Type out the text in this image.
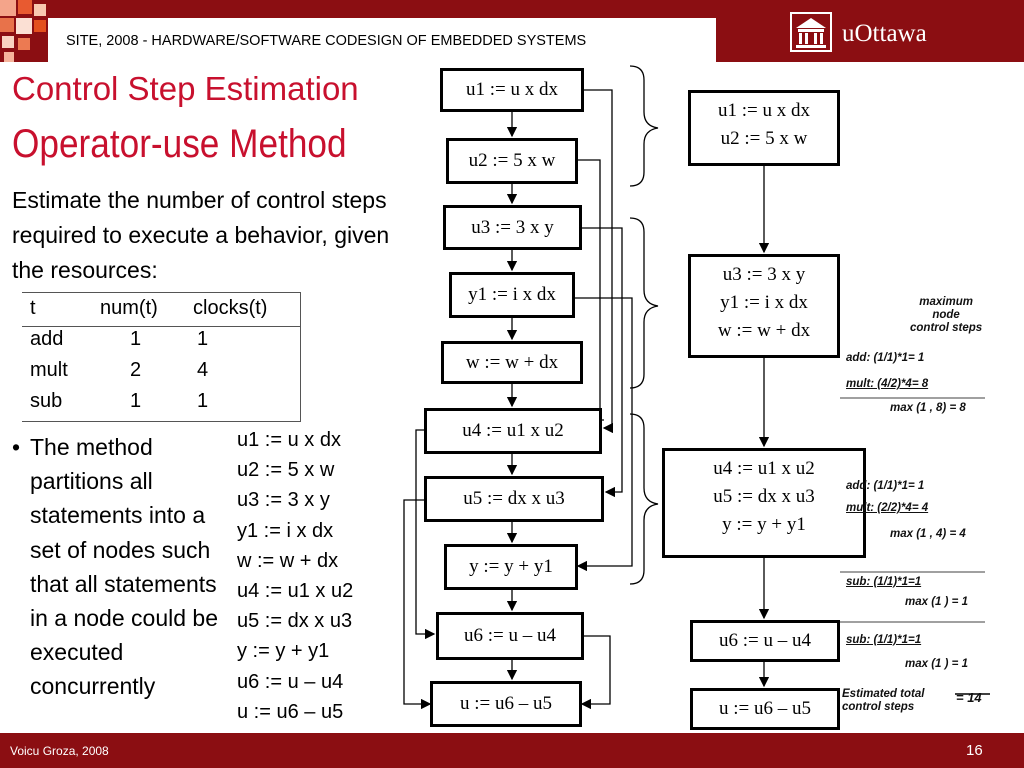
SITE, 2008 - HARDWARE/SOFTWARE CODESIGN OF EMBEDDED SYSTEMS	uOttawa
Control Step Estimation
Operator-use Method
Estimate the number of control steps required to execute a behavior, given the resources:
t	num(t)	clocks(t)
add	1	1
mult	2	4
sub	1	1
• The method partitions all statements into a set of nodes such that all statements in a node could be executed concurrently
u1 := u x dx
u2 := 5 x w
u3 := 3 x y
y1 := i x dx
w := w + dx
u4 := u1 x u2
u5 := dx x u3
y := y + y1
u6 := u – u4
u := u6 – u5
u1 := u x dx
u2 := 5 x w
u3 := 3 x y
y1 := i x dx
w := w + dx
u4 := u1 x u2
u5 := dx x u3
y := y + y1
u6 := u – u4
u := u6 – u5
u1 := u x dx
u2 := 5 x w
u3 := 3 x y
y1 := i x dx
w := w + dx
u4 := u1 x u2
u5 := dx x u3
y := y + y1
u6 := u – u4
u := u6 – u5
maximum
node
control steps
add: (1/1)*1= 1
mult: (4/2)*4= 8
max (1 , 8) = 8
add: (1/1)*1= 1
mult: (2/2)*4= 4
max (1 , 4) = 4
sub: (1/1)*1=1
max (1 ) = 1
sub: (1/1)*1=1
max (1 ) = 1
Estimated total
control steps
= 14
Voicu Groza, 2008	16
